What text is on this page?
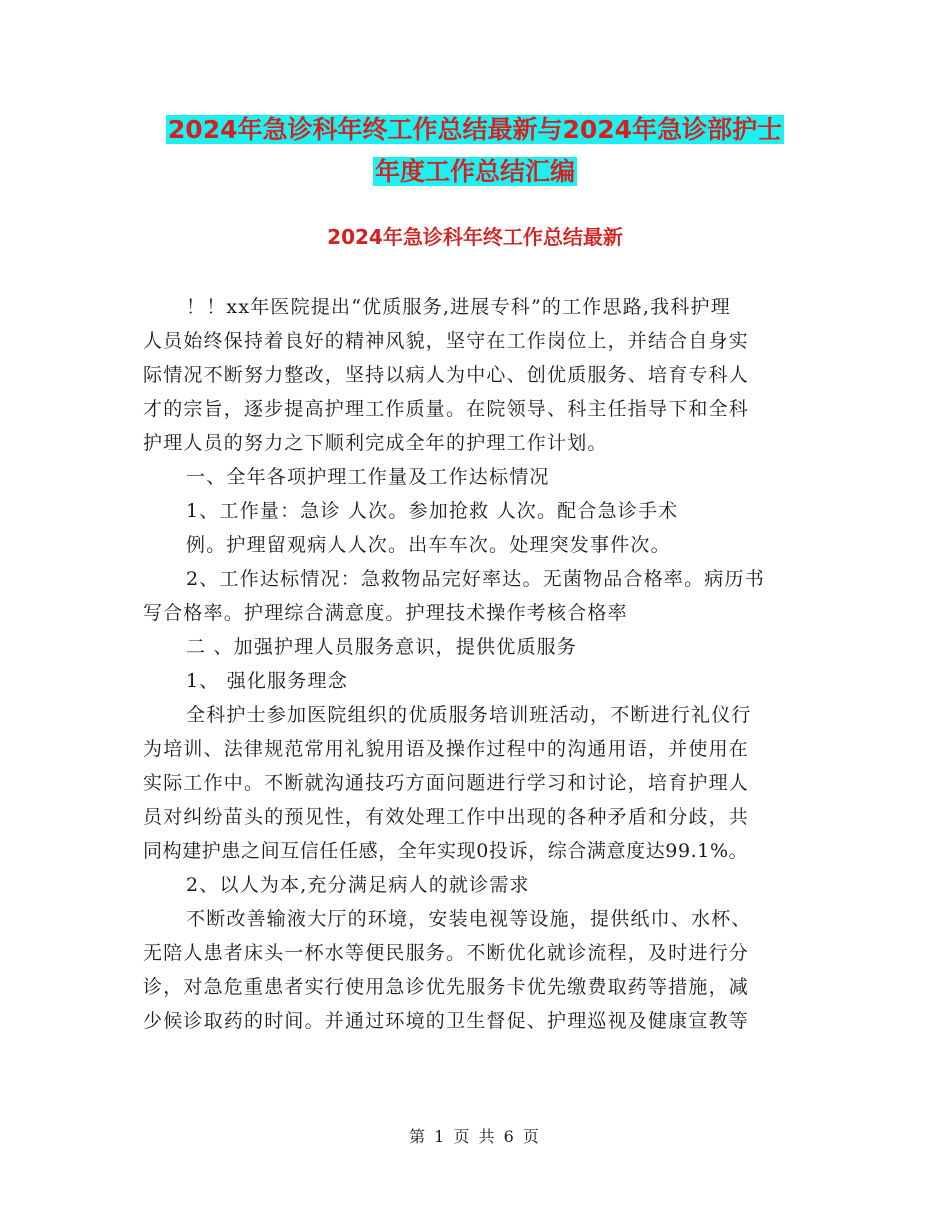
2024年急诊科年终工作总结最新与2024年急诊部护士
年度工作总结汇编
2024年急诊科年终工作总结最新
！！xx年医院提出“优质服务,进展专科”的工作思路,我科护理
人员始终保持着良好的精神风貌，坚守在工作岗位上，并结合自身实
际情况不断努力整改，坚持以病人为中心、创优质服务、培育专科人
才的宗旨，逐步提高护理工作质量。在院领导、科主任指导下和全科
护理人员的努力之下顺利完成全年的护理工作计划。
一、全年各项护理工作量及工作达标情况
1、工作量：急诊 人次。参加抢救 人次。配合急诊手术
例。护理留观病人人次。出车车次。处理突发事件次。
2、工作达标情况：急救物品完好率达。无菌物品合格率。病历书
写合格率。护理综合满意度。护理技术操作考核合格率
二 、加强护理人员服务意识，提供优质服务
1、 强化服务理念
全科护士参加医院组织的优质服务培训班活动，不断进行礼仪行
为培训、法律规范常用礼貌用语及操作过程中的沟通用语，并使用在
实际工作中。不断就沟通技巧方面问题进行学习和讨论，培育护理人
员对纠纷苗头的预见性，有效处理工作中出现的各种矛盾和分歧，共
同构建护患之间互信任任感，全年实现0投诉，综合满意度达99.1%。
2、以人为本,充分满足病人的就诊需求
不断改善输液大厅的环境，安装电视等设施，提供纸巾、水杯、
无陪人患者床头一杯水等便民服务。不断优化就诊流程，及时进行分
诊，对急危重患者实行使用急诊优先服务卡优先缴费取药等措施，减
少候诊取药的时间。并通过环境的卫生督促、护理巡视及健康宣教等
第 1 页 共 6 页
